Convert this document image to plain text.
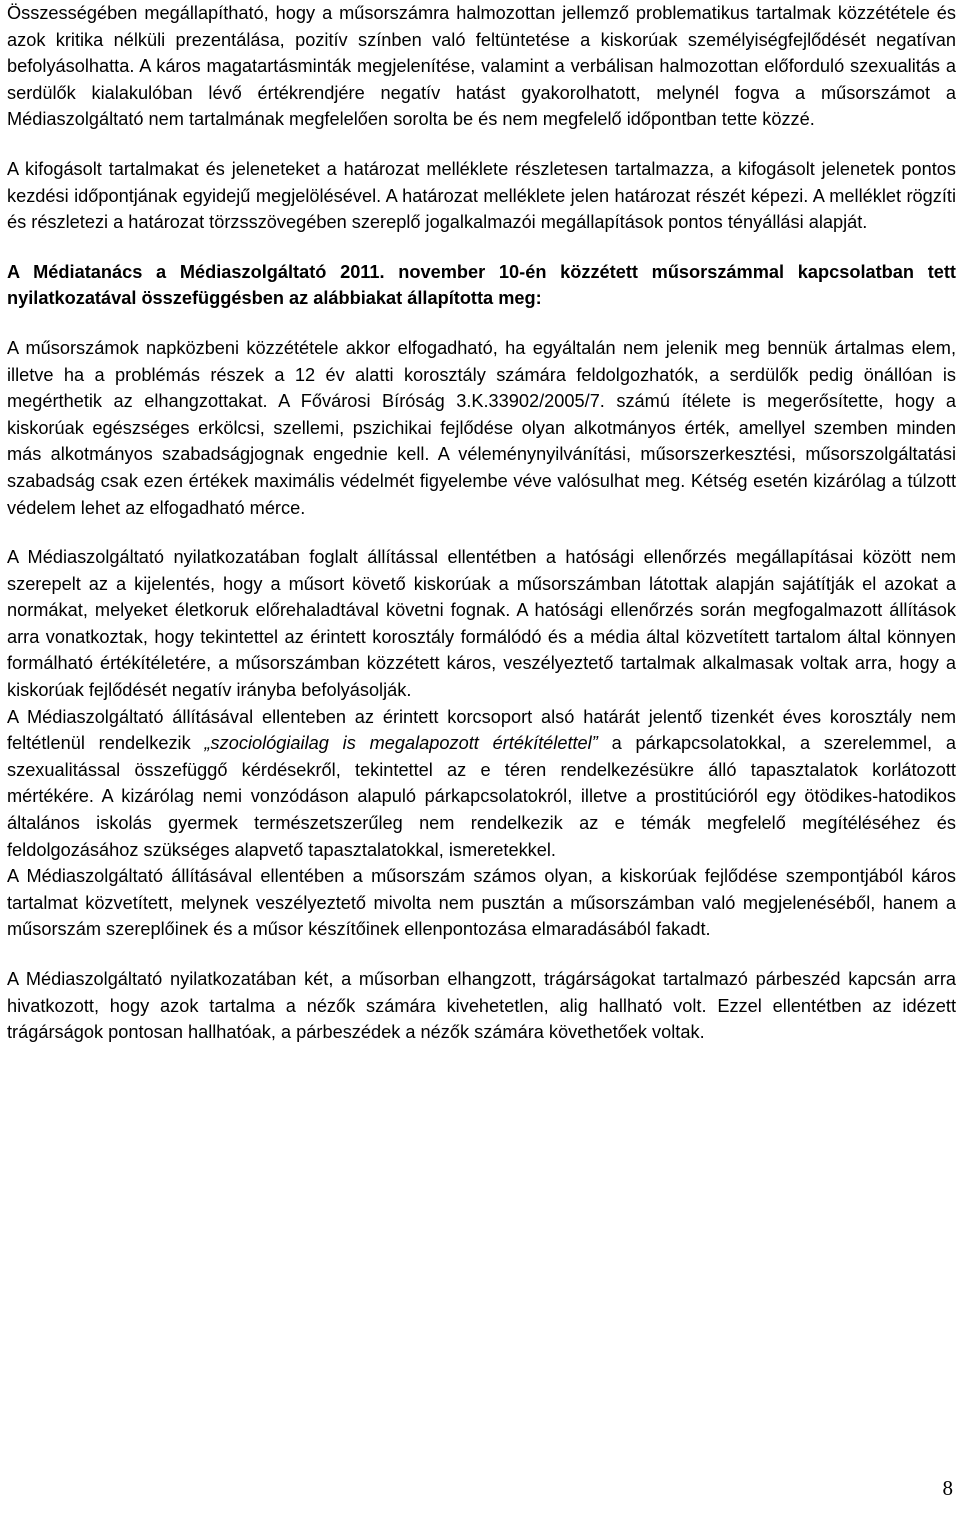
Összességében megállapítható, hogy a műsorszámra halmozottan jellemző problematikus tartalmak közzététele és azok kritika nélküli prezentálása, pozitív színben való feltüntetése a kiskorúak személyiségfejlődését negatívan befolyásolhatta. A káros magatartásminták megjelenítése, valamint a verbálisan halmozottan előforduló szexualitás a serdülők kialakulóban lévő értékrendjére negatív hatást gyakorolhatott, melynél fogva a műsorszámot a Médiaszolgáltató nem tartalmának megfelelően sorolta be és nem megfelelő időpontban tette közzé.

A kifogásolt tartalmakat és jeleneteket a határozat melléklete részletesen tartalmazza, a kifogásolt jelenetek pontos kezdési időpontjának egyidejű megjelölésével. A határozat melléklete jelen határozat részét képezi. A melléklet rögzíti és részletezi a határozat törzsszövegében szereplő jogalkalmazói megállapítások pontos tényállási alapját.

A Médiatanács a Médiaszolgáltató 2011. november 10-én közzétett műsorszámmal kapcsolatban tett nyilatkozatával összefüggésben az alábbiakat állapította meg:

A műsorszámok napközbeni közzététele akkor elfogadható, ha egyáltalán nem jelenik meg bennük ártalmas elem, illetve ha a problémás részek a 12 év alatti korosztály számára feldolgozhatók, a serdülők pedig önállóan is megérthetik az elhangzottakat. A Fővárosi Bíróság 3.K.33902/2005/7. számú ítélete is megerősítette, hogy a kiskorúak egészséges erkölcsi, szellemi, pszichikai fejlődése olyan alkotmányos érték, amellyel szemben minden más alkotmányos szabadságjognak engednie kell. A véleménynyilvánítási, műsorszerkesztési, műsorszolgáltatási szabadság csak ezen értékek maximális védelmét figyelembe véve valósulhat meg. Kétség esetén kizárólag a túlzott védelem lehet az elfogadható mérce.

A Médiaszolgáltató nyilatkozatában foglalt állítással ellentétben a hatósági ellenőrzés megállapításai között nem szerepelt az a kijelentés, hogy a műsort követő kiskorúak a műsorszámban látottak alapján sajátítják el azokat a normákat, melyeket életkoruk előrehaladtával követni fognak. A hatósági ellenőrzés során megfogalmazott állítások arra vonatkoztak, hogy tekintettel az érintett korosztály formálódó és a média által közvetített tartalom által könnyen formálható értékítéletére, a műsorszámban közzétett káros, veszélyeztető tartalmak alkalmasak voltak arra, hogy a kiskorúak fejlődését negatív irányba befolyásolják.

A Médiaszolgáltató állításával ellenteben az érintett korcsoport alsó határát jelentő tizenkét éves korosztály nem feltétlenül rendelkezik „szociológiailag is megalapozott értékítélettel” a párkapcsolatokkal, a szerelemmel, a szexualitással összefüggő kérdésekről, tekintettel az e téren rendelkezésükre álló tapasztalatok korlátozott mértékére. A kizárólag nemi vonzódáson alapuló párkapcsolatokról, illetve a prostitúcióról egy ötödikes-hatodikos általános iskolás gyermek természetszerűleg nem rendelkezik az e témák megfelelő megítéléséhez és feldolgozásához szükséges alapvető tapasztalatokkal, ismeretekkel.

A Médiaszolgáltató állításával ellentében a műsorszám számos olyan, a kiskorúak fejlődése szempontjából káros tartalmat közvetített, melynek veszélyeztető mivolta nem pusztán a műsorszámban való megjelenéséből, hanem a műsorszám szereplőinek és a műsor készítőinek ellenpontozása elmaradásából fakadt.

A Médiaszolgáltató nyilatkozatában két, a műsorban elhangzott, trágárságokat tartalmazó párbeszéd kapcsán arra hivatkozott, hogy azok tartalma a nézők számára kivehetetlen, alig hallható volt. Ezzel ellentétben az idézett trágárságok pontosan hallhatóak, a párbeszédek a nézők számára követhetőek voltak.

8
